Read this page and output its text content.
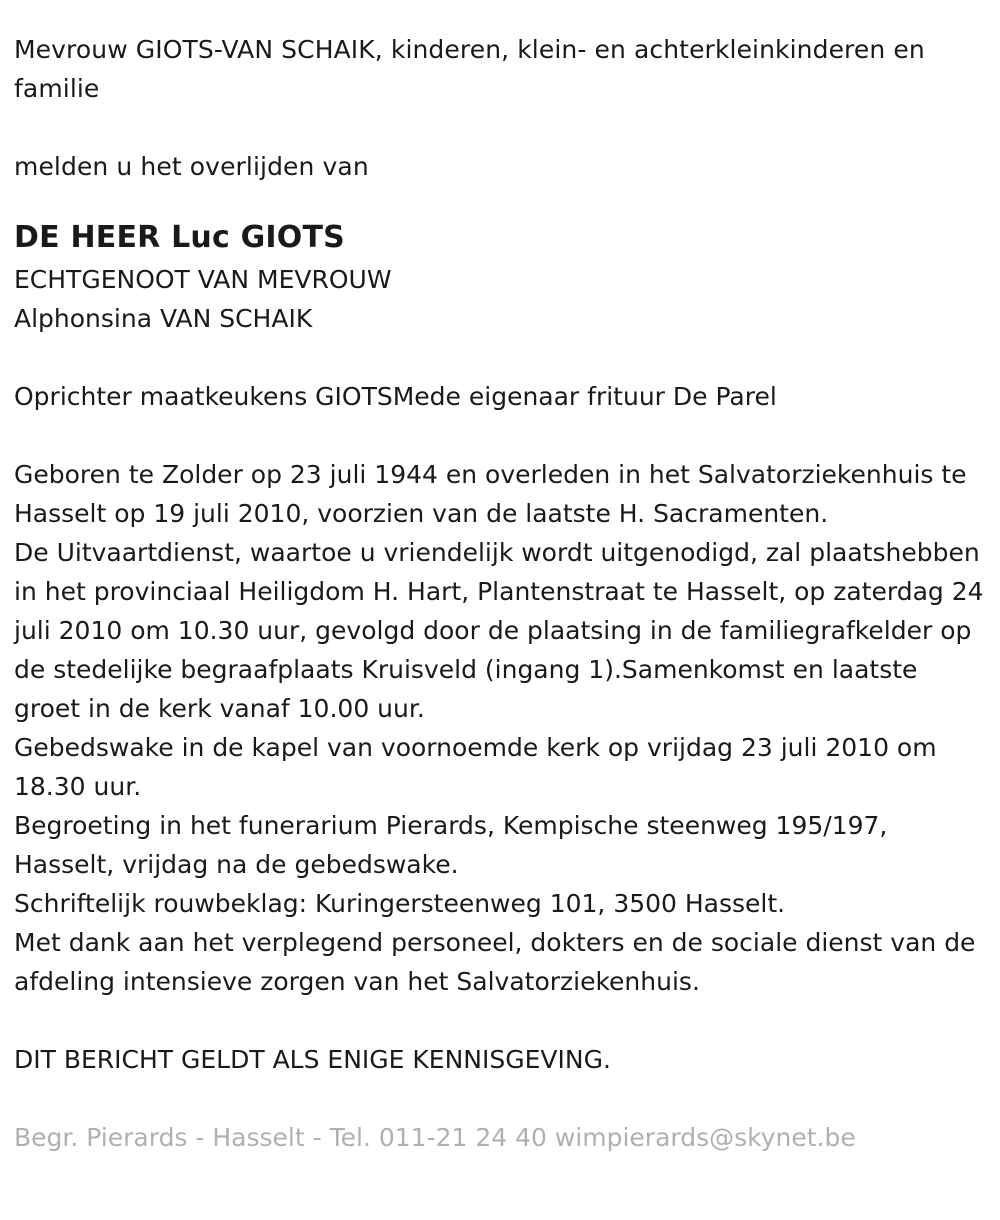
Mevrouw GIOTS-VAN SCHAIK, kinderen, klein- en achterkleinkinderen en familie

melden u het overlijden van

DE HEER Luc GIOTS

ECHTGENOOT VAN MEVROUW

Alphonsina VAN SCHAIK

Oprichter maatkeukens GIOTSMede eigenaar frituur De Parel

Geboren te Zolder op 23 juli 1944 en overleden in het Salvatorziekenhuis te Hasselt op 19 juli 2010, voorzien van de laatste H. Sacramenten.

De Uitvaartdienst, waartoe u vriendelijk wordt uitgenodigd, zal plaatshebben in het provinciaal Heiligdom H. Hart, Plantenstraat te Hasselt, op zaterdag 24 juli 2010 om 10.30 uur, gevolgd door de plaatsing in de familiegrafkelder op de stedelijke begraafplaats Kruisveld (ingang 1).Samenkomst en laatste groet in de kerk vanaf 10.00 uur.

Gebedswake in de kapel van voornoemde kerk op vrijdag 23 juli 2010 om 18.30 uur.

Begroeting in het funerarium Pierards, Kempische steenweg 195/197, Hasselt, vrijdag na de gebedswake.

Schriftelijk rouwbeklag: Kuringersteenweg 101, 3500 Hasselt.

Met dank aan het verplegend personeel, dokters en de sociale dienst van de afdeling intensieve zorgen van het Salvatorziekenhuis.

DIT BERICHT GELDT ALS ENIGE KENNISGEVING.

Begr. Pierards - Hasselt - Tel. 011-21 24 40 wimpierards@skynet.be
